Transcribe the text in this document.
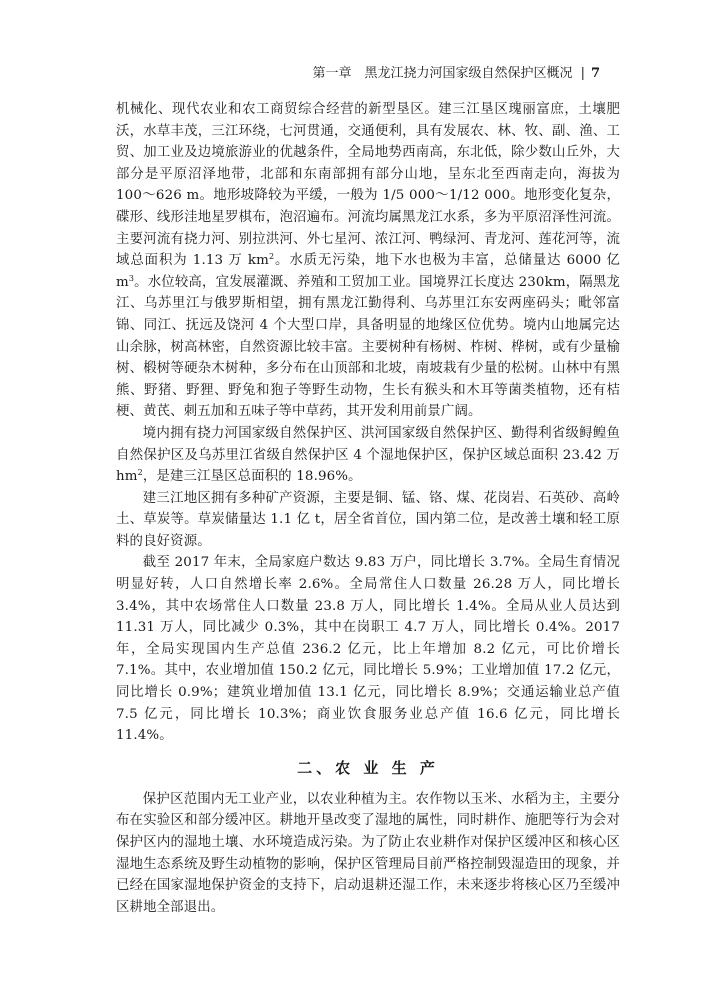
第一章　黑龙江挠力河国家级自然保护区概况 | 7

机械化、现代农业和农工商贸综合经营的新型垦区。建三江垦区瑰丽富庶，土壤肥沃，水草丰茂，三江环绕，七河贯通，交通便利，具有发展农、林、牧、副、渔、工贸、加工业及边境旅游业的优越条件，全局地势西南高，东北低，除少数山丘外，大部分是平原沼泽地带，北部和东南部拥有部分山地，呈东北至西南走向，海拔为 100～626 m。地形坡降较为平缓，一般为 1/5 000～1/12 000。地形变化复杂，碟形、线形洼地星罗棋布，泡沼遍布。河流均属黑龙江水系，多为平原沼泽性河流。主要河流有挠力河、别拉洪河、外七星河、浓江河、鸭绿河、青龙河、莲花河等，流域总面积为 1.13 万 $km^2$。水质无污染，地下水也极为丰富，总储量达 6000 亿 $m^3$。水位较高，宜发展灌溉、养殖和工贸加工业。国境界江长度达 230km，隔黑龙江、乌苏里江与俄罗斯相望，拥有黑龙江勤得利、乌苏里江东安两座码头；毗邻富锦、同江、抚远及饶河 4 个大型口岸，具备明显的地缘区位优势。境内山地属完达山余脉，树高林密，自然资源比较丰富。主要树种有杨树、柞树、桦树，或有少量榆树、椴树等硬杂木树种，多分布在山顶部和北坡，南坡栽有少量的松树。山林中有黑熊、野猪、野狸、野兔和狍子等野生动物，生长有猴头和木耳等菌类植物，还有桔梗、黄芪、刺五加和五味子等中草药，其开发利用前景广阔。

境内拥有挠力河国家级自然保护区、洪河国家级自然保护区、勤得利省级鲟鳇鱼自然保护区及乌苏里江省级自然保护区 4 个湿地保护区，保护区域总面积 23.42 万 $hm^2$，是建三江垦区总面积的 18.96%。

建三江地区拥有多种矿产资源，主要是铜、锰、铬、煤、花岗岩、石英砂、高岭土、草炭等。草炭储量达 1.1 亿 t，居全省首位，国内第二位，是改善土壤和轻工原料的良好资源。

截至 2017 年末，全局家庭户数达 9.83 万户，同比增长 3.7%。全局生育情况明显好转，人口自然增长率 2.6%。全局常住人口数量 26.28 万人，同比增长 3.4%，其中农场常住人口数量 23.8 万人，同比增长 1.4%。全局从业人员达到 11.31 万人，同比减少 0.3%，其中在岗职工 4.7 万人，同比增长 0.4%。2017 年，全局实现国内生产总值 236.2 亿元，比上年增加 8.2 亿元，可比价增长 7.1%。其中，农业增加值 150.2 亿元，同比增长 5.9%；工业增加值 17.2 亿元，同比增长 0.9%；建筑业增加值 13.1 亿元，同比增长 8.9%；交通运输业总产值 7.5 亿元，同比增长 10.3%；商业饮食服务业总产值 16.6 亿元，同比增长 11.4%。

二、农 业 生 产

保护区范围内无工业产业，以农业种植为主。农作物以玉米、水稻为主，主要分布在实验区和部分缓冲区。耕地开垦改变了湿地的属性，同时耕作、施肥等行为会对保护区内的湿地土壤、水环境造成污染。为了防止农业耕作对保护区缓冲区和核心区湿地生态系统及野生动植物的影响，保护区管理局目前严格控制毁湿造田的现象，并已经在国家湿地保护资金的支持下，启动退耕还湿工作，未来逐步将核心区乃至缓冲区耕地全部退出。
